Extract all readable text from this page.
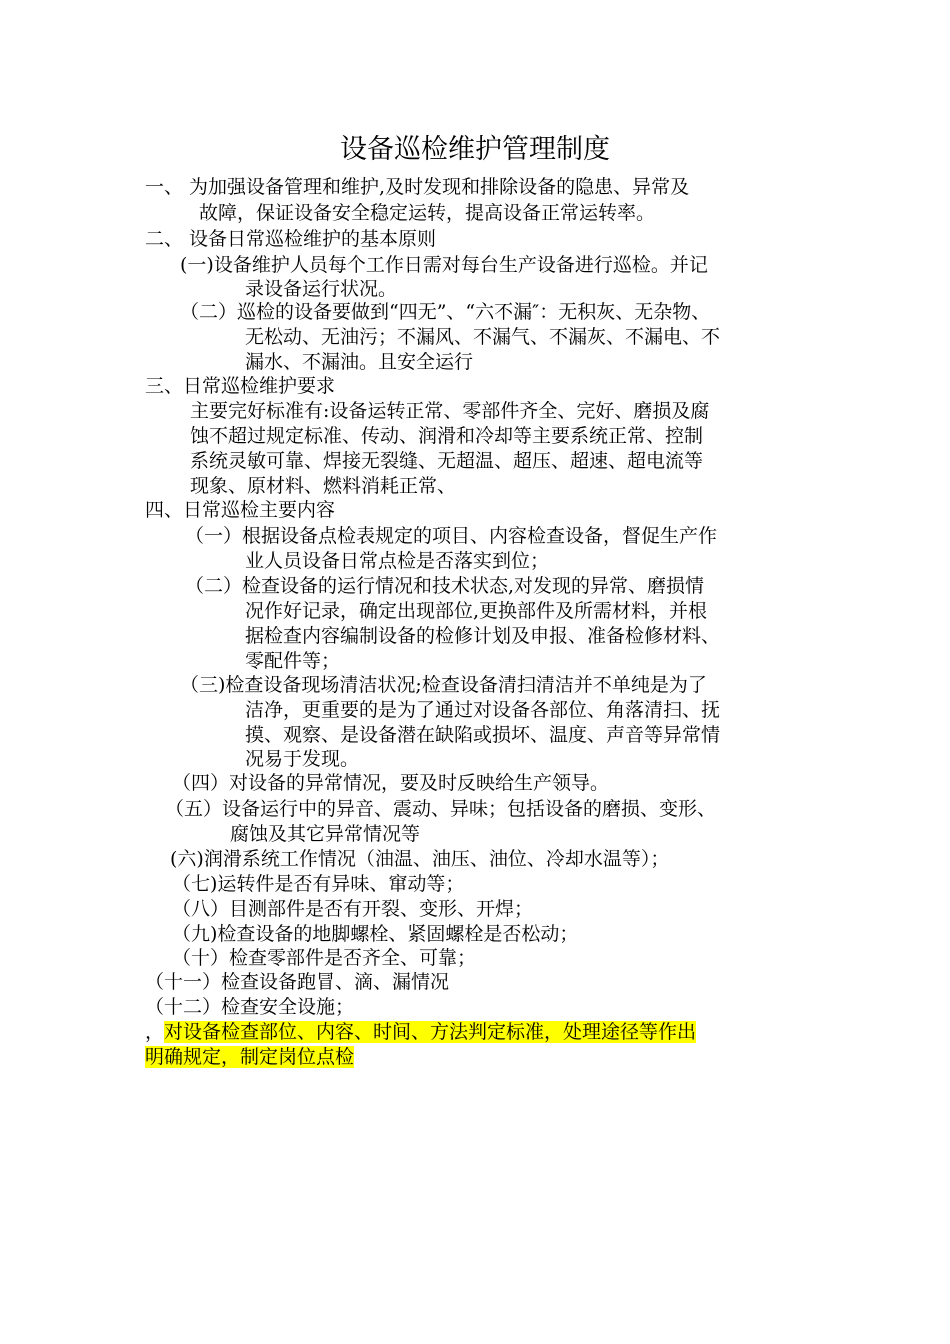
设备巡检维护管理制度

一、 为加强设备管理和维护,及时发现和排除设备的隐患、异常及

故障，保证设备安全稳定运转，提高设备正常运转率。

二、 设备日常巡检维护的基本原则

(一)设备维护人员每个工作日需对每台生产设备进行巡检。并记

录设备运行状况。

（二）巡检的设备要做到“四无”、“六不漏″：无积灰、无杂物、

无松动、无油污；不漏风、不漏气、不漏灰、不漏电、不

漏水、不漏油。且安全运行

三、日常巡检维护要求

主要完好标准有:设备运转正常、零部件齐全、完好、磨损及腐

蚀不超过规定标准、传动、润滑和冷却等主要系统正常、控制

系统灵敏可靠、焊接无裂缝、无超温、超压、超速、超电流等

现象、原材料、燃料消耗正常、

四、日常巡检主要内容

（一）根据设备点检表规定的项目、内容检查设备，督促生产作

业人员设备日常点检是否落实到位；

（二）检查设备的运行情况和技术状态,对发现的异常、磨损情

况作好记录，确定出现部位,更换部件及所需材料，并根

据检查内容编制设备的检修计划及申报、准备检修材料、

零配件等；

（三)检查设备现场清洁状况;检查设备清扫清洁并不单纯是为了

洁净，更重要的是为了通过对设备各部位、角落清扫、抚

摸、观察、是设备潜在缺陷或损坏、温度、声音等异常情

况易于发现。

（四）对设备的异常情况，要及时反映给生产领导。

（五）设备运行中的异音、震动、异味；包括设备的磨损、变形、

腐蚀及其它异常情况等

(六)润滑系统工作情况（油温、油压、油位、冷却水温等）；

（七)运转件是否有异味、窜动等；

（八）目测部件是否有开裂、变形、开焊；

（九)检查设备的地脚螺栓、紧固螺栓是否松动；

（十）检查零部件是否齐全、可靠；

（十一）检查设备跑冒、滴、漏情况

（十二）检查安全设施；

，对设备检查部位、内容、时间、方法判定标准，处理途径等作出

明确规定，制定岗位点检
